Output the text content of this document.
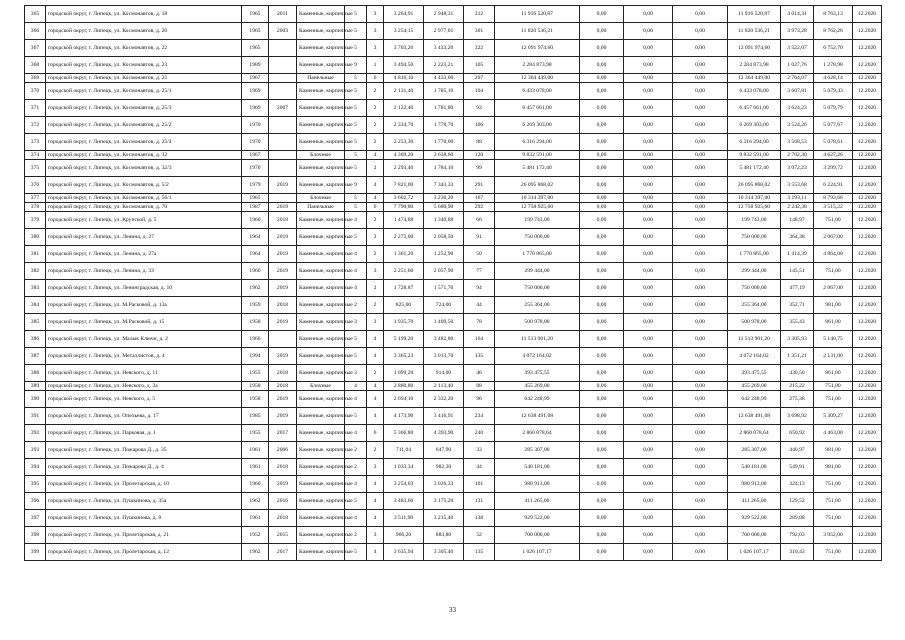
365	городской округ, г. Липецк, ул. Космонавтов, д. 18	1965	2011	Каменные, кирпичные	5	3	3 264,91	2 948,31	312	11 916 520,87	0,00	0,00	0,00	11 916 520,87	4 014,31	8 763,13	12.2020
366	городской округ, г. Липецк, ул. Космонавтов, д. 20	1965	2003	Каменные, кирпичные	5	3	3 254,15	2 977,01	301	11 820 536,21	0,00	0,00	0,00	11 820 536,21	3 973,28	8 762,26	12.2020
367	городской округ, г. Липецк, ул. Космонавтов, д. 22	1965		Каменные, кирпичные	5	3	3 703,26	3 433,20	322	12 091 974,60	0,00	0,00	0,00	12 091 974,60	3 522,07	6 752,70	12.2020
368	городской округ, г. Липецк, ул. Космонавтов, д. 23	1989		Каменные, кирпичные	9	1	3 494,50	2 223,21	105	2 284 873,98	0,00	0,00	0,00	2 284 873,98	1 027,76	1 278,98	12.2020
369	городской округ, г. Липецк, ул. Космонавтов, д. 25	1967		Панельные	5	6	4 816,10	4 433,00	207	12 364 449,00	0,00	0,00	0,00	12 364 449,00	2 764,07	4 628,14	12.2020
370	городской округ, г. Липецк, ул. Космонавтов, д. 25/1	1969		Каменные, кирпичные	5	2	2 131,40	1 785,10	104	6 433 078,00	0,00	0,00	0,00	6 433 078,00	3 607,81	5 079,43	12.2020
371	городской округ, г. Липецк, ул. Космонавтов, д. 25/3	1969	2007	Каменные, кирпичные	5	2	2 122,40	1 781,80	93	6 457 661,00	0,00	0,00	0,00	6 457 661,00	3 624,23	5 079,79	12.2020
372	городской округ, г. Липецк, ул. Космонавтов, д. 25/2	1970		Каменные, кирпичные	5	2	2 334,70	1 778,70	106	6 269 303,00	0,00	0,00	0,00	6 269 303,00	3 524,26	5 077,67	12.2020
373	городской округ, г. Липецк, ул. Космонавтов, д. 25/4	1970		Каменные, кирпичные	5	2	2 253,30	1 770,00	88	6 316 294,00	0,00	0,00	0,00	6 316 294,00	3 568,53	5 078,61	12.2020
374	городской округ, г. Липецк, ул. Космонавтов, д. 32	1967		Блочные	5	4	4 369,20	3 638,60	120	9 832 591,00	0,00	0,00	0,00	9 832 591,00	2 702,30	4 627,26	12.2020
375	городской округ, г. Липецк, ул. Космонавтов, д. 32/3	1970		Каменные, кирпичные	5	2	2 293,40	1 784,10	99	5 481 172,40	0,00	0,00	0,00	5 481 172,40	3 072,23	3 299,72	12.2020
376	городской округ, г. Липецк, ул. Космонавтов, д. 5/2	1979	2019	Каменные, кирпичные	9	4	7 821,00	7 343,33	291	26 095 868,02	0,00	0,00	0,00	26 095 868,02	3 553,68	6 224,91	12.2020
377	городской округ, г. Липецк, ул. Космонавтов, д. 56/1	1965		Блочные	5	4	3 602,72	3 230,20	167	10 314 397,00	0,00	0,00	0,00	10 314 397,00	3 193,11	8 793,66	12.2020
378	городской округ, г. Липецк, ул. Космонавтов, д. 70	1987	2019	Панельные	5	6	7 790,80	5 680,90	292	12 758 925,60	0,00	0,00	0,00	12 758 925,60	2 242,38	3 515,22	12.2020
379	городской округ, г. Липецк, ул. Крупской, д. 5	1960	2018	Каменные, кирпичные	4	2	1 474,88	1 340,88	66	199 743,00	0,00	0,00	0,00	199 743,00	148,97	751,00	12.2020
380	городской округ, г. Липецк, ул. Ленина, д. 27	1964	2019	Каменные, кирпичные	5	3	2 275,00	2 058,50	91	750 000,00	0,00	0,00	0,00	750 000,00	364,38	2 067,00	12.2020
381	городской округ, г. Липецк, ул. Ленина, д. 27а	1964	2019	Каменные, кирпичные	4	2	1 361,20	1 252,90	50	1 770 865,00	0,00	0,00	0,00	1 770 865,00	1 414,39	4 864,00	12.2020
382	городской округ, г. Липецк, ул. Ленина, д. 33	1960	2019	Каменные, кирпичные	4	3	2 251,60	2 057,90	77	299 444,00	0,00	0,00	0,00	299 444,00	145,51	751,00	12.2020
383	городской округ, г. Липецк, ул. Ленинградская, д. 10	1962	2019	Каменные, кирпичные	4	2	1 728,87	1 571,70	94	750 000,00	0,00	0,00	0,00	750 000,00	477,19	2 067,00	12.2020
384	городской округ, г. Липецк, ул. М.Расковой, д. 13а	1959	2018	Каменные, кирпичные	2	2	825,00	724,00	44	255 364,00	0,00	0,00	0,00	255 364,00	352,71	981,00	12.2020
385	городской округ, г. Липецк, ул. М.Расковой, д. 15	1958	2019	Каменные, кирпичные	3	3	1 935,70	1 409,50	78	500 978,00	0,00	0,00	0,00	500 978,00	355,43	861,00	12.2020
386	городской округ, г. Липецк, ул. Малык Ключи, д. 2	1966		Каменные, кирпичные	5	4	5 199,20	3 482,80	164	11 513 901,20	0,00	0,00	0,00	11 513 901,20	3 305,93	5 140,75	12.2020
387	городской округ, г. Липецк, ул. Металлистов, д. 4	1994	2019	Каменные, кирпичные	5	4	3 365,23	3 013,70	135	4 072 164,02	0,00	0,00	0,00	4 072 164,02	1 351,21	2 131,00	12.2020
388	городской округ, г. Липецк, ул. Невского, д. 11	1955	2018	Каменные, кирпичные	3	2	1 099,20	914,00	46	393 475,55	0,00	0,00	0,00	393 475,55	430,50	861,00	12.2020
389	городской округ, г. Липецк, ул. Невского, д. 3а	1958	2018	Блочные	4	4	2 880,80	2 113,40	88	455 269,00	0,00	0,00	0,00	455 269,00	215,22	751,00	12.2020
390	городской округ, г. Липецк, ул. Невского, д. 5	1958	2019	Каменные, кирпичные	4	4	2 694,10	2 332,20	96	642 248,99	0,00	0,00	0,00	642 248,99	275,38	751,00	12.2020
391	городской округ, г. Липецк, ул. Опельева, д. 17	1985	2019	Каменные, кирпичные	5	4	4 173,90	3 416,91	234	12 638 491,08	0,00	0,00	0,00	12 638 491,08	3 698,92	5 309,27	12.2020
392	городской округ, г. Липецк, ул. Парковая, д. 1	1955	2017	Каменные, кирпичные	4	6	5 366,80	4 393,90	240	2 860 078,64	0,00	0,00	0,00	2 860 078,64	650,92	4 463,00	12.2020
393	городской округ, г. Липецк, ул. Пожарова Д., д. 35	1961	2006	Каменные, кирпичные	2	2	711,04	647,90	33	285 307,00	0,00	0,00	0,00	285 307,00	440,97	981,00	12.2020
394	городской округ, г. Липецк, ул. Пожарова Д., д. 4	1961	2018	Каменные, кирпичные	2	3	1 033,34	982,30	44	540 181,00	0,00	0,00	0,00	540 181,00	549,91	981,00	12.2020
395	городской округ, г. Липецк, ул. Пролетарская, д. 10	1960	2019	Каменные, кирпичные	4	4	3 254,03	3 026,33	101	980 913,00	0,00	0,00	0,00	980 913,00	324,13	751,00	12.2020
396	городской округ, г. Липецк, ул. Пушкинова, д. 35а	1962	2016	Каменные, кирпичные	5	4	3 483,60	3 175,20	131	411 265,00	0,00	0,00	0,00	411 265,00	129,52	751,00	12.2020
397	городской округ, г. Липецк, ул. Пушкинова, д. 8	1961	2018	Каменные, кирпичные	4	4	3 511,90	3 215,40	138	929 522,00	0,00	0,00	0,00	929 522,00	289,08	751,00	12.2020
398	городской округ, г. Липецк, ул. Пролетарская, д. 21	1952	2015	Каменные, кирпичные	2	3	966,20	883,80	52	700 000,00	0,00	0,00	0,00	700 000,00	792,03	3 052,00	12.2020
399	городской округ, г. Липецк, ул. Пролетарская, д. 12	1962	2017	Каменные, кирпичные	5	4	3 635,94	3 305,40	135	1 026 107,17	0,00	0,00	0,00	1 026 107,17	310,43	751,00	12.2020
33
